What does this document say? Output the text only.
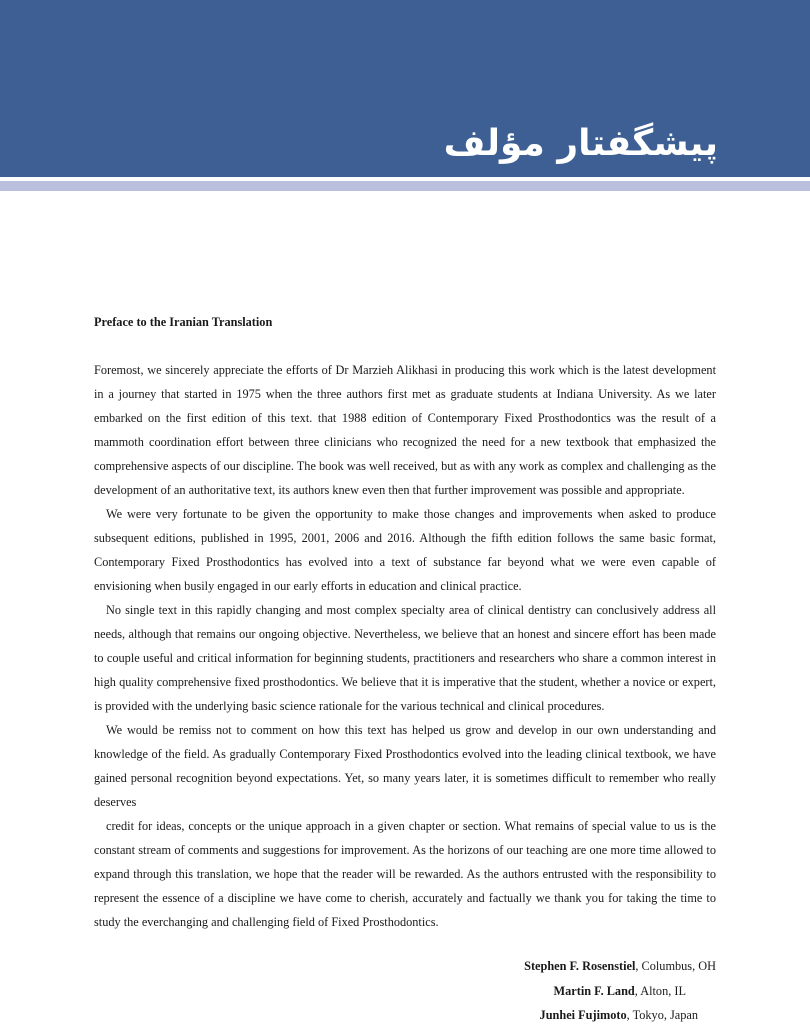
پیشگفتار مؤلف

Preface to the Iranian Translation

Foremost, we sincerely appreciate the efforts of Dr Marzieh Alikhasi in producing this work which is the latest development in a journey that started in 1975 when the three authors first met as graduate students at Indiana University. As we later embarked on the first edition of this text. that 1988 edition of Contemporary Fixed Prosthodontics was the result of a mammoth coordination effort between three clinicians who recognized the need for a new textbook that emphasized the comprehensive aspects of our discipline. The book was well received, but as with any work as complex and challenging as the development of an authoritative text, its authors knew even then that further improvement was possible and appropriate.

We were very fortunate to be given the opportunity to make those changes and improvements when asked to produce subsequent editions, published in 1995, 2001, 2006 and 2016. Although the fifth edition follows the same basic format, Contemporary Fixed Prosthodontics has evolved into a text of substance far beyond what we were even capable of envisioning when busily engaged in our early efforts in education and clinical practice.

No single text in this rapidly changing and most complex specialty area of clinical dentistry can conclusively address all needs, although that remains our ongoing objective. Nevertheless, we believe that an honest and sincere effort has been made to couple useful and critical information for beginning students, practitioners and researchers who share a common interest in high quality comprehensive fixed prosthodontics. We believe that it is imperative that the student, whether a novice or expert, is provided with the underlying basic science rationale for the various technical and clinical procedures.

We would be remiss not to comment on how this text has helped us grow and develop in our own understanding and knowledge of the field. As gradually Contemporary Fixed Prosthodontics evolved into the leading clinical textbook, we have gained personal recognition beyond expectations. Yet, so many years later, it is sometimes difficult to remember who really deserves

credit for ideas, concepts or the unique approach in a given chapter or section. What remains of special value to us is the constant stream of comments and suggestions for improvement. As the horizons of our teaching are one more time allowed to expand through this translation, we hope that the reader will be rewarded. As the authors entrusted with the responsibility to represent the essence of a discipline we have come to cherish, accurately and factually we thank you for taking the time to study the everchanging and challenging field of Fixed Prosthodontics.

Stephen F. Rosenstiel, Columbus, OH

Martin F. Land, Alton, IL

Junhei Fujimoto, Tokyo, Japan
